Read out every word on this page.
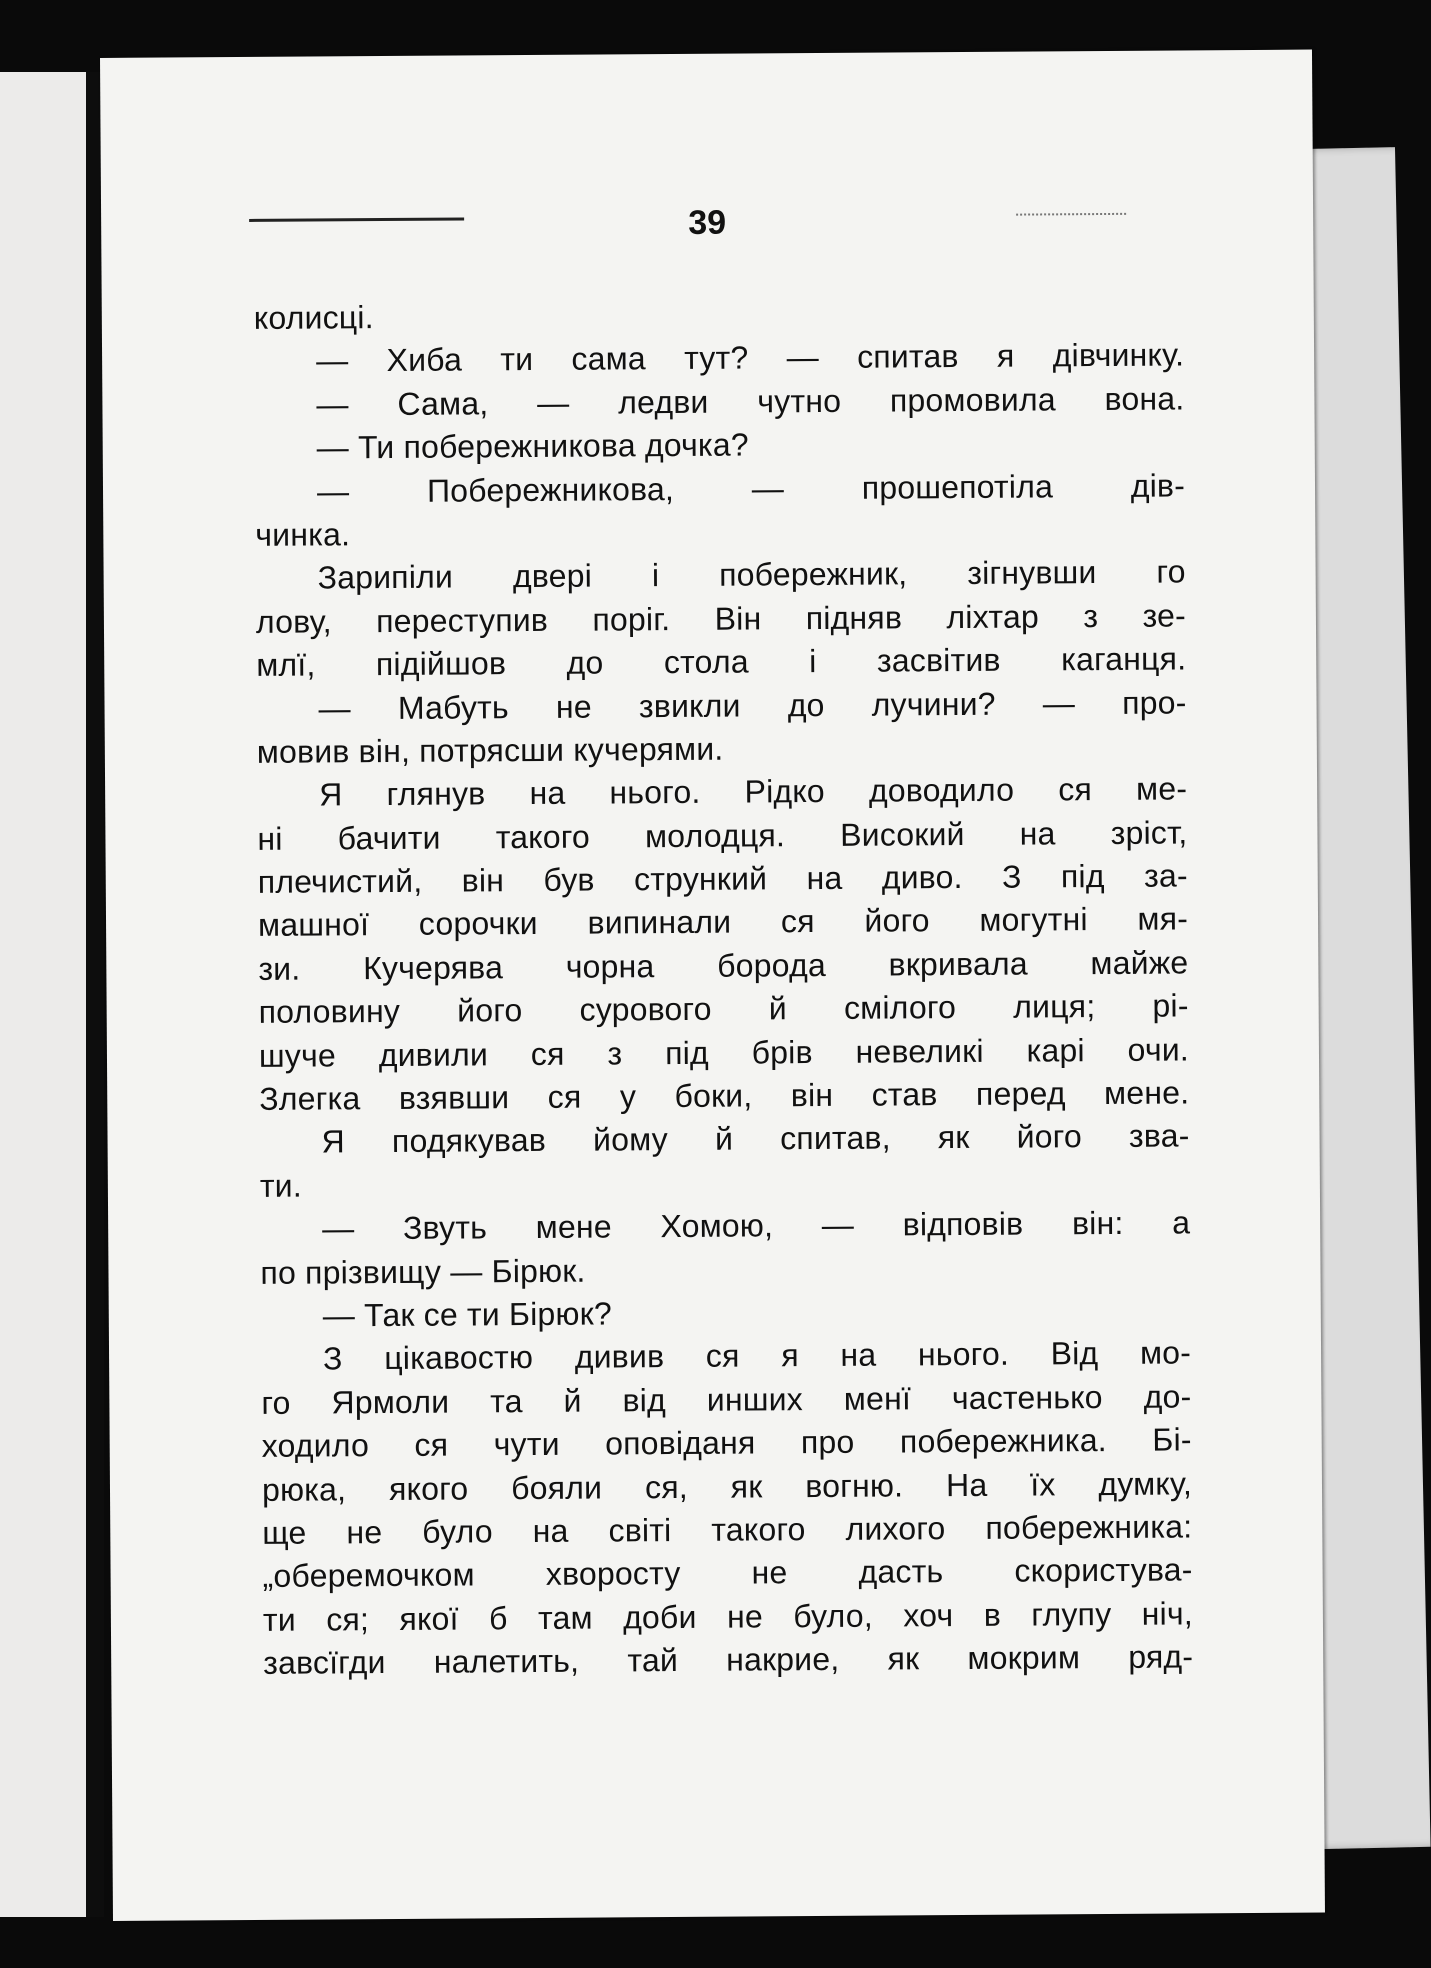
39
колисці.
— Хиба ти сама тут? — спитав я дівчинку.
— Сама, — ледви чутно промовила вона.
— Ти побережникова дочка?
— Побережникова, — прошепотіла дів-
чинка.
Зарипіли двері і побережник, зігнувши го
лову, переступив поріг. Він підняв ліхтар з зе-
млї, підійшов до стола і засвітив каганця.
— Мабуть не звикли до лучини? — про-
мовив він, потрясши кучерями.
Я глянув на нього. Рідко доводило ся ме-
ні бачити такого молодця. Високий на зріст,
плечистий, він був стрункий на диво. З під за-
машної сорочки випинали ся його могутні мя-
зи. Кучерява чорна борода вкривала майже
половину його сурового й смілого лиця; рі-
шуче дивили ся з під брів невеликі карі очи.
Злегка взявши ся у боки, він став перед мене.
Я подякував йому й спитав, як його зва-
ти.
— Звуть мене Хомою, — відповів він: а
по прізвищу — Бірюк.
— Так се ти Бірюк?
З цікавостю дивив ся я на нього. Від мо-
го Ярмоли та й від инших менї частенько до-
ходило ся чути оповіданя про побережника. Бі-
рюка, якого бояли ся, як вогню. На їх думку,
ще не було на світі такого лихого побережника:
„оберемочком хворосту не дасть скористува-
ти ся; якої б там доби не було, хоч в глупу ніч,
завсїгди налетить, тай накрие, як мокрим ряд-
